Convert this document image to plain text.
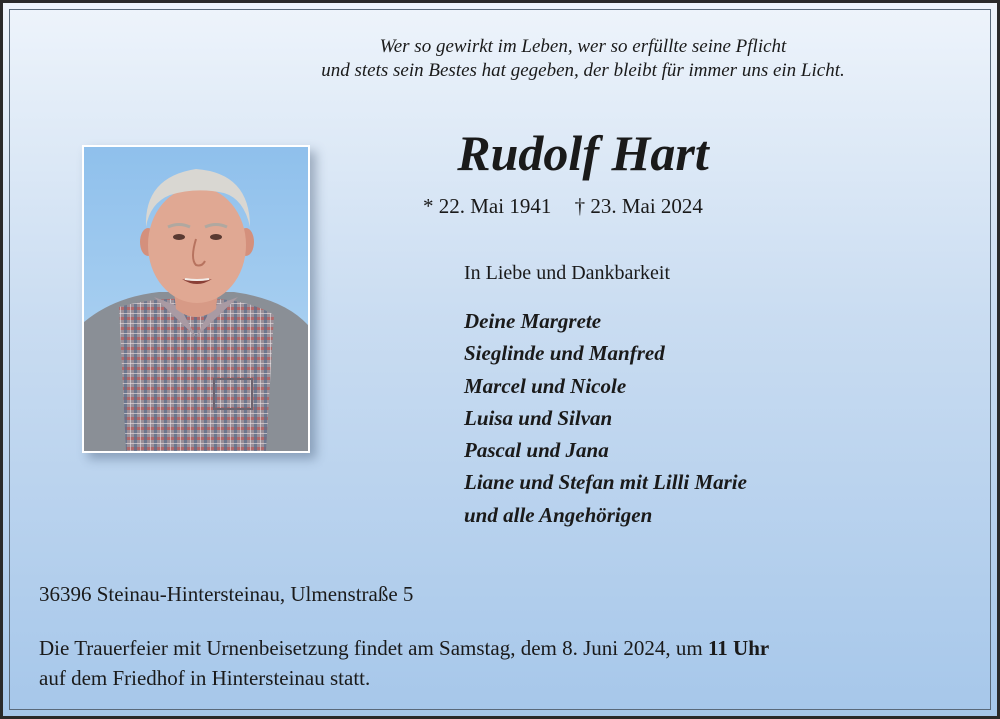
Wer so gewirkt im Leben, wer so erfüllte seine Pflicht
und stets sein Bestes hat gegeben, der bleibt für immer uns ein Licht.
Rudolf Hart
* 22. Mai 1941 † 23. Mai 2024
In Liebe und Dankbarkeit
Deine Margrete
Sieglinde und Manfred
Marcel und Nicole
Luisa und Silvan
Pascal und Jana
Liane und Stefan mit Lilli Marie
und alle Angehörigen
36396 Steinau-Hintersteinau, Ulmenstraße 5
Die Trauerfeier mit Urnenbeisetzung findet am Samstag, dem 8. Juni 2024, um 11 Uhr
auf dem Friedhof in Hintersteinau statt.
